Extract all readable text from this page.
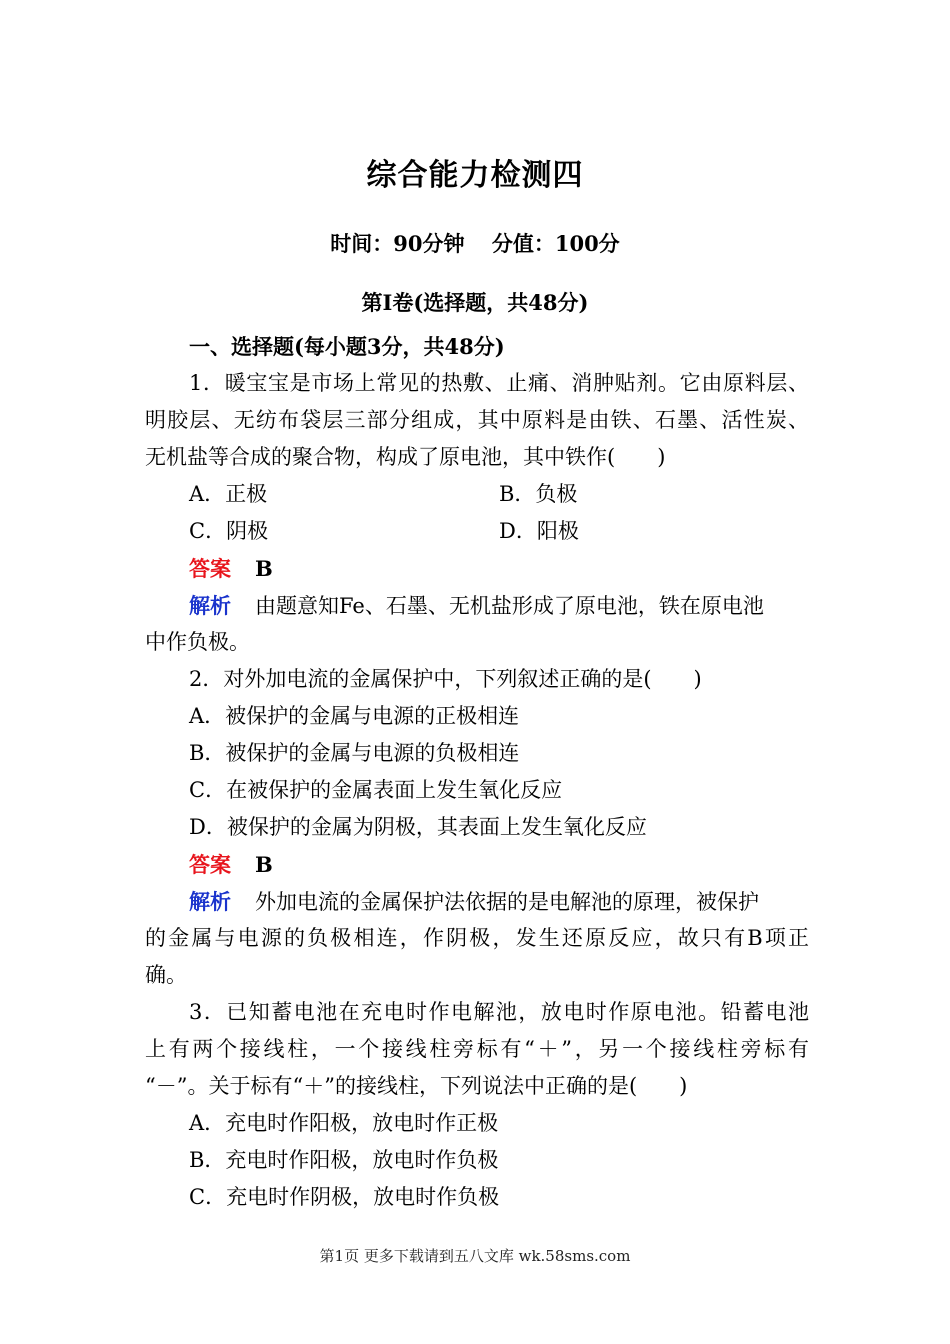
综合能力检测四
时间：90分钟 分值：100分
第Ⅰ卷(选择题，共48分)
一、选择题(每小题3分，共48分)
1．暖宝宝是市场上常见的热敷、止痛、消肿贴剂。它由原料层、
明胶层、无纺布袋层三部分组成，其中原料是由铁、石墨、活性炭、
无机盐等合成的聚合物，构成了原电池，其中铁作(　　)
A．正极	B．负极
C．阴极	D．阳极
答案 B
解析 由题意知Fe、石墨、无机盐形成了原电池，铁在原电池
中作负极。
2．对外加电流的金属保护中，下列叙述正确的是(　　)
A．被保护的金属与电源的正极相连
B．被保护的金属与电源的负极相连
C．在被保护的金属表面上发生氧化反应
D．被保护的金属为阴极，其表面上发生氧化反应
答案 B
解析 外加电流的金属保护法依据的是电解池的原理，被保护
的金属与电源的负极相连，作阴极，发生还原反应，故只有B项正
确。
3．已知蓄电池在充电时作电解池，放电时作原电池。铅蓄电池
上有两个接线柱，一个接线柱旁标有“＋”，另一个接线柱旁标有
“－”。关于标有“＋”的接线柱，下列说法中正确的是(　　)
A．充电时作阳极，放电时作正极
B．充电时作阳极，放电时作负极
C．充电时作阴极，放电时作负极
第1页 更多下载请到五八文库 wk.58sms.com
